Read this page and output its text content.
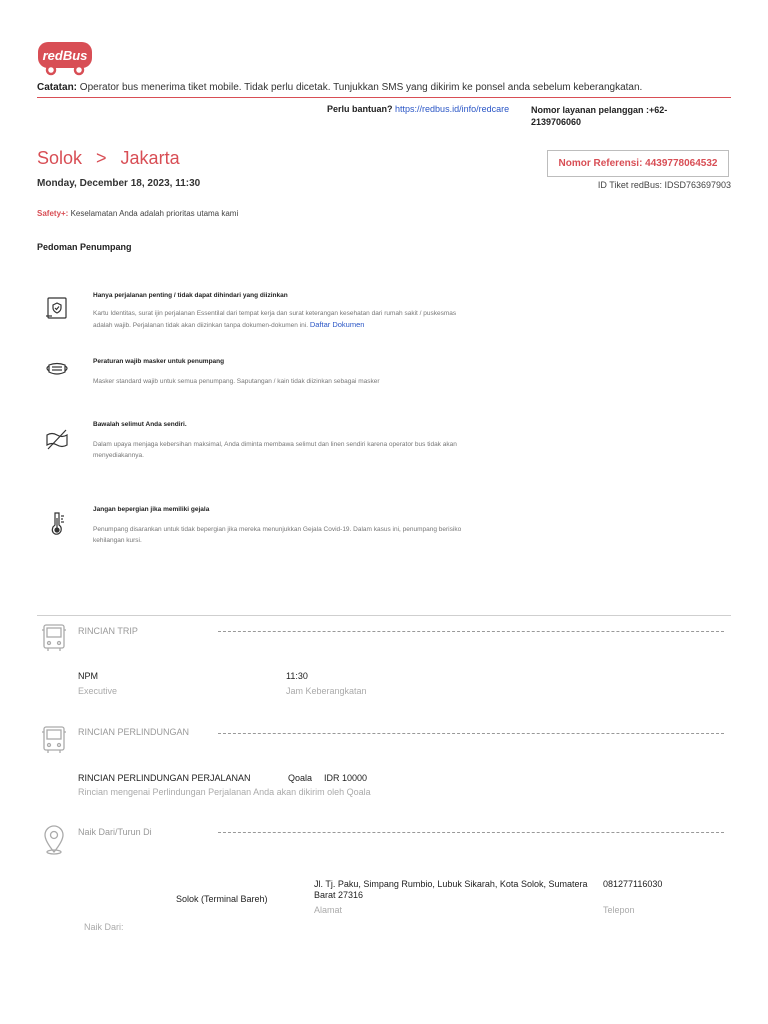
redBus
Catatan: Operator bus menerima tiket mobile. Tidak perlu dicetak. Tunjukkan SMS yang dikirim ke ponsel anda sebelum keberangkatan.
Perlu bantuan? https://redbus.id/info/redcare Nomor layanan pelanggan :+62-2139706060
Solok > Jakarta
Monday, December 18, 2023, 11:30
Nomor Referensi: 4439778064532
ID Tiket redBus: IDSD763697903
Safety+: Keselamatan Anda adalah prioritas utama kami
Pedoman Penumpang
Hanya perjalanan penting / tidak dapat dihindari yang diizinkan
Kartu Identitas, surat ijin perjalanan Essentilal dari tempat kerja dan surat keterangan kesehatan dari rumah sakit / puskesmas adalah wajib. Perjalanan tidak akan diizinkan tanpa dokumen-dokumen ini. Daftar Dokumen
Peraturan wajib masker untuk penumpang
Masker standard wajib untuk semua penumpang. Saputangan / kain tidak diizinkan sebagai masker
Bawalah selimut Anda sendiri.
Dalam upaya menjaga kebersihan maksimal, Anda diminta membawa selimut dan linen sendiri karena operator bus tidak akan menyediakannya.
Jangan bepergian jika memiliki gejala
Penumpang disarankan untuk tidak bepergian jika mereka menunjukkan Gejala Covid-19. Dalam kasus ini, penumpang berisiko kehilangan kursi.
RINCIAN TRIP
NPM
Executive
11:30
Jam Keberangkatan
RINCIAN PERLINDUNGAN
RINCIAN PERLINDUNGAN PERJALANAN	Qoala IDR 10000
Rincian mengenai Perlindungan Perjalanan Anda akan dikirim oleh Qoala
Naik Dari/Turun Di
Solok (Terminal Bareh)
Jl. Tj. Paku, Simpang Rumbio, Lubuk Sikarah, Kota Solok, Sumatera Barat 27316
Alamat
081277116030
Telepon
Naik Dari:
